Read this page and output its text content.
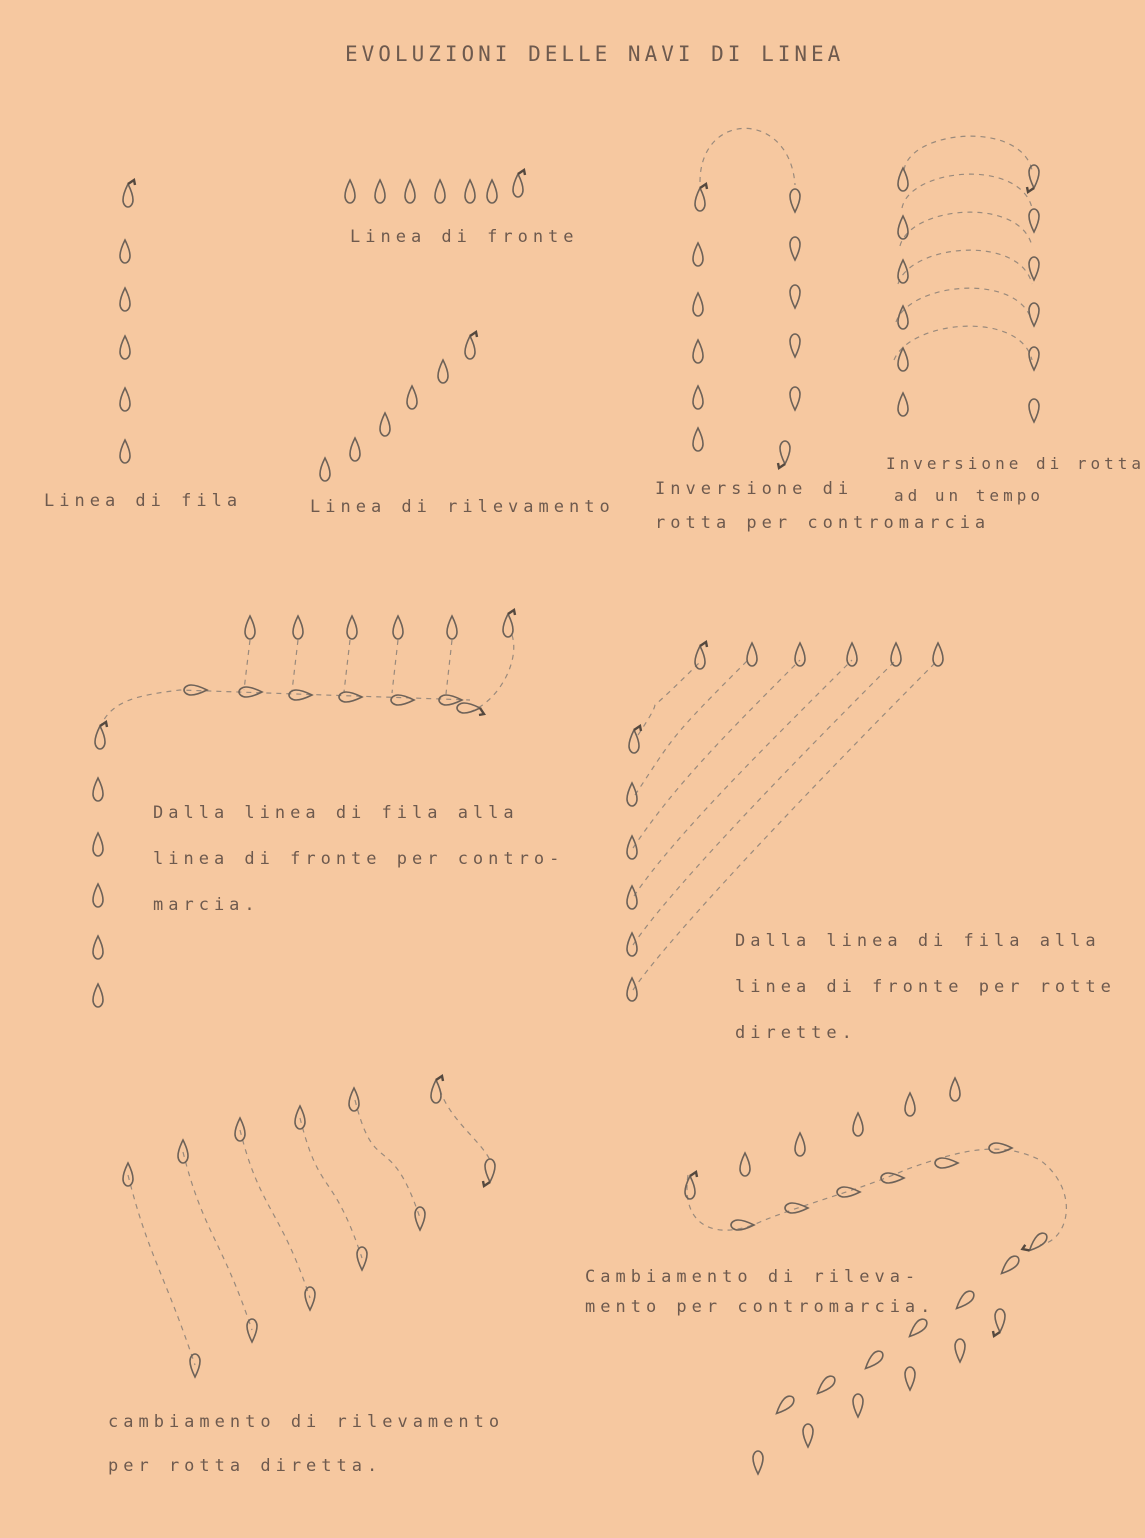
EVOLUZIONI DELLE NAVI DI LINEA
Linea di fila
Linea di fronte
Linea di rilevamento
Inversione di
rotta per contromarcia
Inversione di rotta
ad un tempo
Dalla linea di fila alla
linea di fronte per contro-
marcia.
Dalla linea di fila alla
linea di fronte per rotte
dirette.
Cambiamento di rileva-
mento per contromarcia.
cambiamento di rilevamento
per rotta diretta.
